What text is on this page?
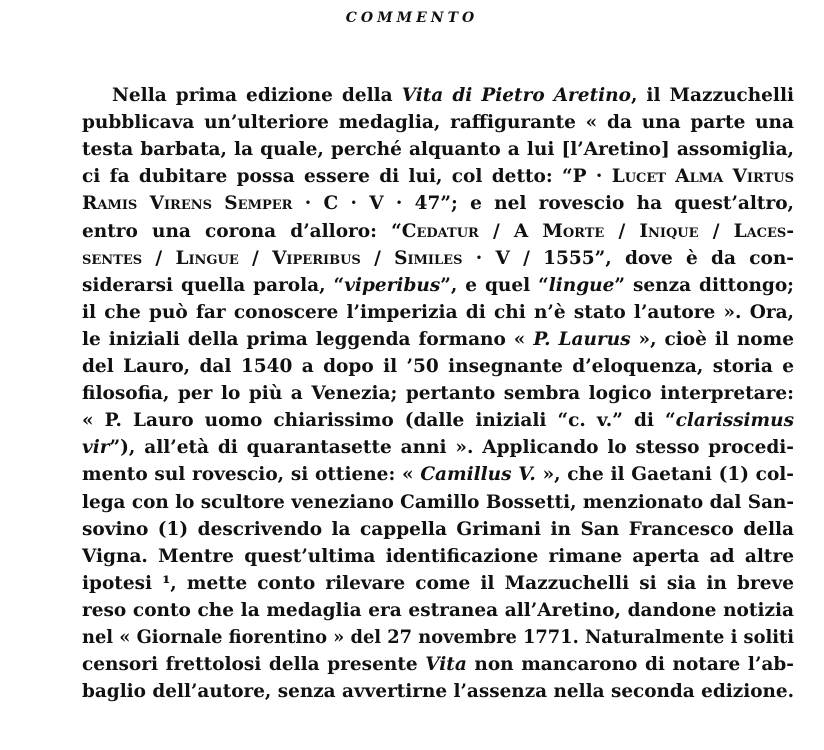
COMMENTO
Nella prima edizione della Vita di Pietro Aretino, il Mazzuchelli
pubblicava un’ulteriore medaglia, raffigurante « da una parte una
testa barbata, la quale, perché alquanto a lui [l’Aretino] assomiglia,
ci fa dubitare possa essere di lui, col detto: “P · Lucet Alma Virtus
Ramis Virens Semper · C · V · 47”; e nel rovescio ha quest’altro,
entro una corona d’alloro: “Cedatur / A Morte / Inique / Laces-
sentes / Lingue / Viperibus / Similes · V / 1555”, dove è da con-
siderarsi quella parola, “viperibus”, e quel “lingue” senza dittongo;
il che può far conoscere l’imperizia di chi n’è stato l’autore ». Ora,
le iniziali della prima leggenda formano « P. Laurus », cioè il nome
del Lauro, dal 1540 a dopo il ’50 insegnante d’eloquenza, storia e
filosofia, per lo più a Venezia; pertanto sembra logico interpretare:
« P. Lauro uomo chiarissimo (dalle iniziali “c. v.” di “clarissimus
vir”), all’età di quarantasette anni ». Applicando lo stesso procedi-
mento sul rovescio, si ottiene: « Camillus V. », che il Gaetani (1) col-
lega con lo scultore veneziano Camillo Bossetti, menzionato dal San-
sovino (1) descrivendo la cappella Grimani in San Francesco della
Vigna. Mentre quest’ultima identificazione rimane aperta ad altre
ipotesi ¹, mette conto rilevare come il Mazzuchelli si sia in breve
reso conto che la medaglia era estranea all’Aretino, dandone notizia
nel « Giornale fiorentino » del 27 novembre 1771. Naturalmente i soliti
censori frettolosi della presente Vita non mancarono di notare l’ab-
baglio dell’autore, senza avvertirne l’assenza nella seconda edizione.
